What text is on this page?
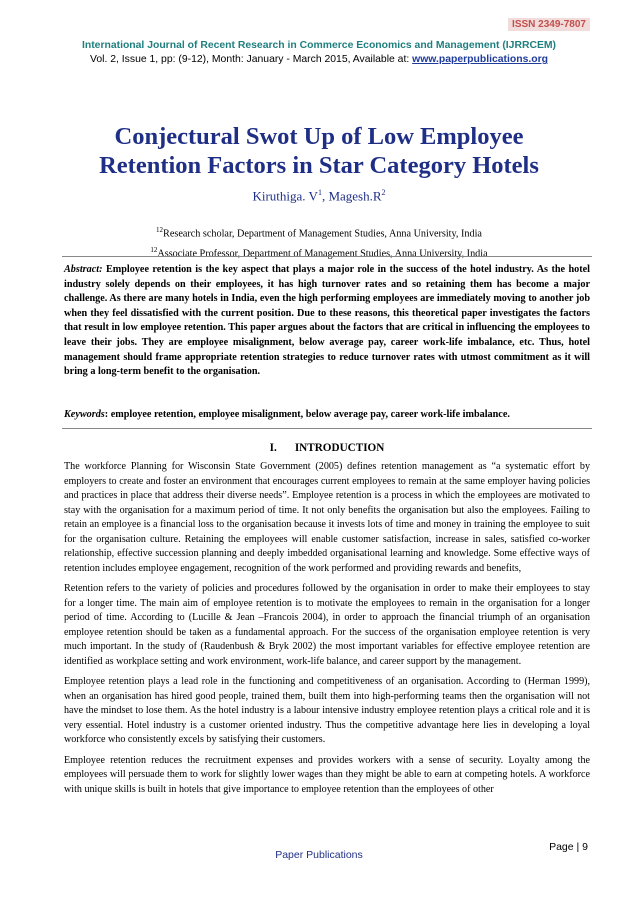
ISSN 2349-7807
International Journal of Recent Research in Commerce Economics and Management (IJRRCEM)
Vol. 2, Issue 1, pp: (9-12), Month: January - March 2015, Available at: www.paperpublications.org
Conjectural Swot Up of Low Employee
Retention Factors in Star Category Hotels
Kiruthiga. $V^1$, $Magesh.R^2$
$^{12}$Research scholar, Department of Management Studies, Anna University, India
$^{12}$Associate Professor, Department of Management Studies, Anna University, India
Abstract: Employee retention is the key aspect that plays a major role in the success of the hotel industry. As the hotel industry solely depends on their employees, it has high turnover rates and so retaining them has become a major challenge. As there are many hotels in India, even the high performing employees are immediately moving to another job when they feel dissatisfied with the current position. Due to these reasons, this theoretical paper investigates the factors that result in low employee retention. This paper argues about the factors that are critical in influencing the employees to leave their jobs. They are employee misalignment, below average pay, career work-life imbalance, etc. Thus, hotel management should frame appropriate retention strategies to reduce turnover rates with utmost commitment as it will bring a long-term benefit to the organisation.
Keywords: employee retention, employee misalignment, below average pay, career work-life imbalance.
I. INTRODUCTION

The workforce Planning for Wisconsin State Government (2005) defines retention management as “a systematic effort by employers to create and foster an environment that encourages current employees to remain at the same employer having policies and practices in place that address their diverse needs”. Employee retention is a process in which the employees are motivated to stay with the organisation for a maximum period of time. It not only benefits the organisation but also the employees. Failing to retain an employee is a financial loss to the organisation because it invests lots of time and money in training the employee to suit for the organisation culture. Retaining the employees will enable customer satisfaction, increase in sales, satisfied co-worker relationship, effective succession planning and deeply imbedded organisational learning and knowledge. Some effective ways of retention includes employee engagement, recognition of the work performed and providing rewards and benefits,

Retention refers to the variety of policies and procedures followed by the organisation in order to make their employees to stay for a longer time. The main aim of employee retention is to motivate the employees to remain in the organisation for a longer period of time. According to (Lucille & Jean –Francois 2004), in order to approach the financial triumph of an organisation employee retention should be taken as a fundamental approach. For the success of the organisation employee retention is very much important. In the study of (Raudenbush & Bryk 2002) the most important variables for effective employee retention are identified as workplace setting and work environment, work-life balance, and career support by the management.

Employee retention plays a lead role in the functioning and competitiveness of an organisation. According to (Herman 1999), when an organisation has hired good people, trained them, built them into high-performing teams then the organisation will not have the mindset to lose them. As the hotel industry is a labour intensive industry employee retention plays a critical role and it is very essential. Hotel industry is a customer oriented industry. Thus the competitive advantage here lies in developing a loyal workforce who consistently excels by satisfying their customers.

Employee retention reduces the recruitment expenses and provides workers with a sense of security. Loyalty among the employees will persuade them to work for slightly lower wages than they might be able to earn at competing hotels. A workforce with unique skills is built in hotels that give importance to employee retention than the employees of other

Page | 9
Paper Publications
